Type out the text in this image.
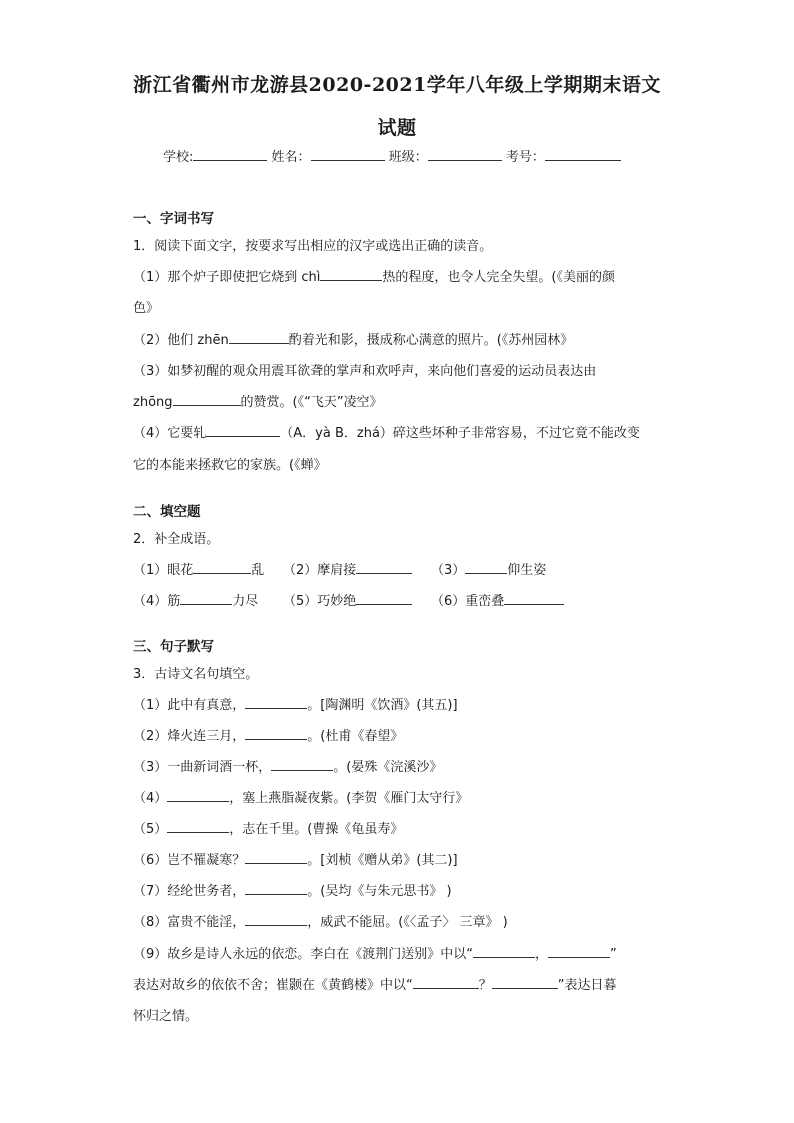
浙江省衢州市龙游县2020-2021学年八年级上学期期末语文
试题
学校:	姓名：	班级：	考号：
一、字词书写
1．阅读下面文字，按要求写出相应的汉字或选出正确的读音。
（1）那个炉子即使把它烧到 chì	热的程度，也令人完全失望。(《美丽的颜
色》
（2）他们 zhēn	酌着光和影，摄成称心满意的照片。(《苏州园林》
（3）如梦初醒的观众用震耳欲聋的掌声和欢呼声，来向他们喜爱的运动员表达由
zhōng	的赞赏。(《“飞天”凌空》
（4）它要轧	（A．yà B．zhá）碎这些坏种子非常容易，不过它竟不能改变
它的本能来拯救它的家族。(《蝉》
二、填空题
2．补全成语。
（1）眼花	乱 （2）摩肩接	（3）	仰生姿
（4）筋	力尽 （5）巧妙绝	（6）重峦叠
三、句子默写
3．古诗文名句填空。
（1）此中有真意，	。[陶渊明《饮酒》(其五)]
（2）烽火连三月，	。(杜甫《春望》
（3）一曲新词酒一杯，	。(晏殊《浣溪沙》
（4）	，塞上燕脂凝夜紫。(李贺《雁门太守行》
（5）	，志在千里。(曹操《龟虽寿》
（6）岂不罹凝寒？	。[刘桢《赠从弟》(其二)]
（7）经纶世务者，	。(吴均《与朱元思书》 )
（8）富贵不能淫，	，威武不能屈。(《〈孟子〉 三章》 )
（9）故乡是诗人永远的依恋。李白在《渡荆门送别》中以“	，	”
表达对故乡的依依不舍；崔颢在《黄鹤楼》中以“	？	”表达日暮
怀归之情。
